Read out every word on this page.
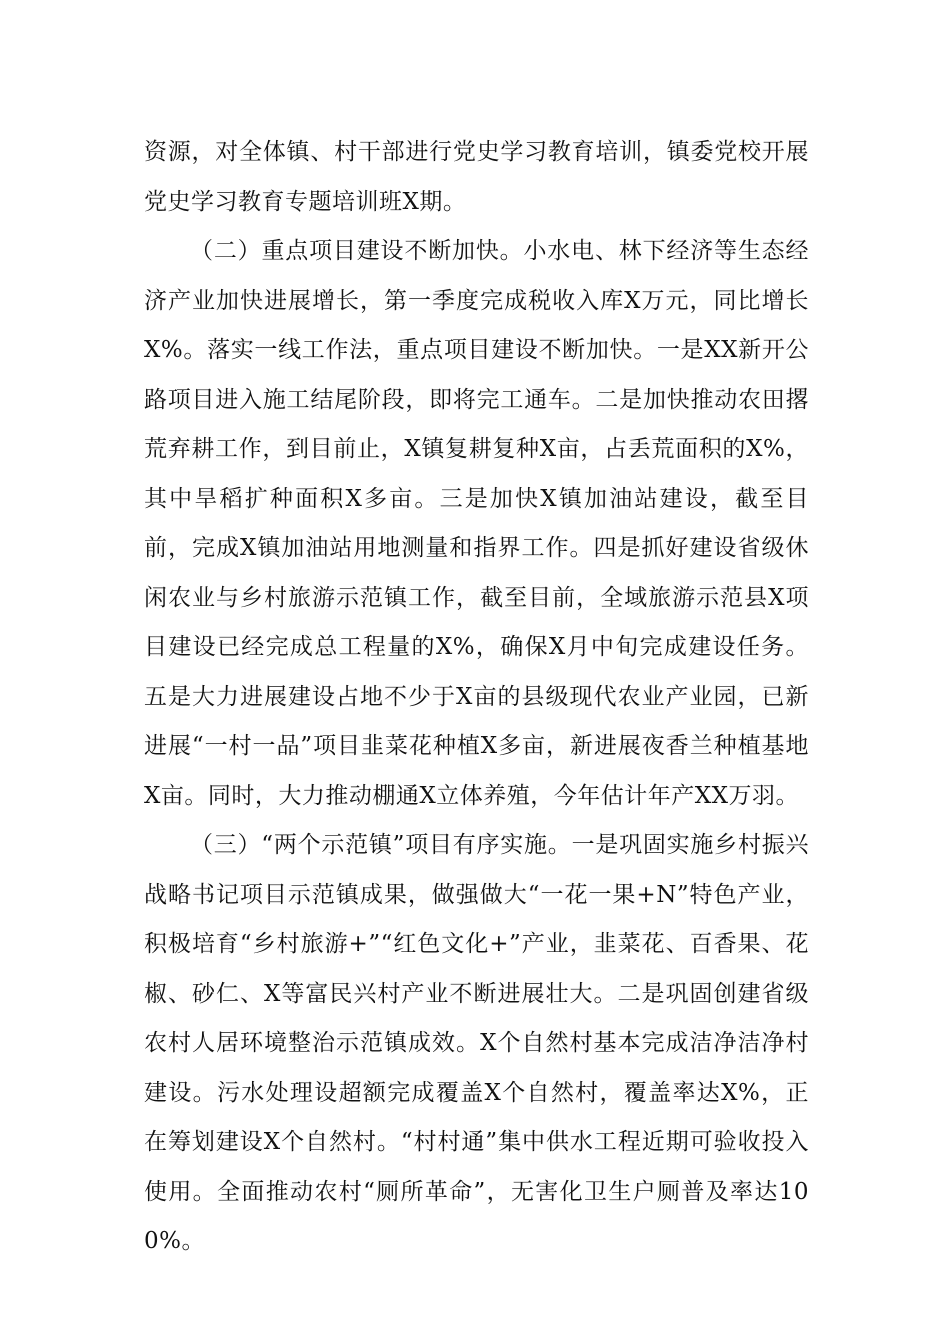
资源，对全体镇、村干部进行党史学习教育培训，镇委党校开展党史学习教育专题培训班X期。

（二）重点项目建设不断加快。小水电、林下经济等生态经济产业加快进展增长，第一季度完成税收入库X万元，同比增长X%。落实一线工作法，重点项目建设不断加快。一是XX新开公路项目进入施工结尾阶段，即将完工通车。二是加快推动农田撂荒弃耕工作，到目前止，X镇复耕复种X亩，占丢荒面积的X%，其中旱稻扩种面积X多亩。三是加快X镇加油站建设，截至目前，完成X镇加油站用地测量和指界工作。四是抓好建设省级休闲农业与乡村旅游示范镇工作，截至目前，全域旅游示范县X项目建设已经完成总工程量的X%，确保X月中旬完成建设任务。五是大力进展建设占地不少于X亩的县级现代农业产业园，已新进展“一村一品”项目韭菜花种植X多亩，新进展夜香兰种植基地X亩。同时，大力推动棚通X立体养殖，今年估计年产XX万羽。

（三）“两个示范镇”项目有序实施。一是巩固实施乡村振兴战略书记项目示范镇成果，做强做大“一花一果+N”特色产业，积极培育“乡村旅游+”“红色文化+”产业，韭菜花、百香果、花椒、砂仁、X等富民兴村产业不断进展壮大。二是巩固创建省级农村人居环境整治示范镇成效。X个自然村基本完成洁净洁净村建设。污水处理设超额完成覆盖X个自然村，覆盖率达X%，正在筹划建设X个自然村。“村村通”集中供水工程近期可验收投入使用。全面推动农村“厕所革命”，无害化卫生户厕普及率达100%。
